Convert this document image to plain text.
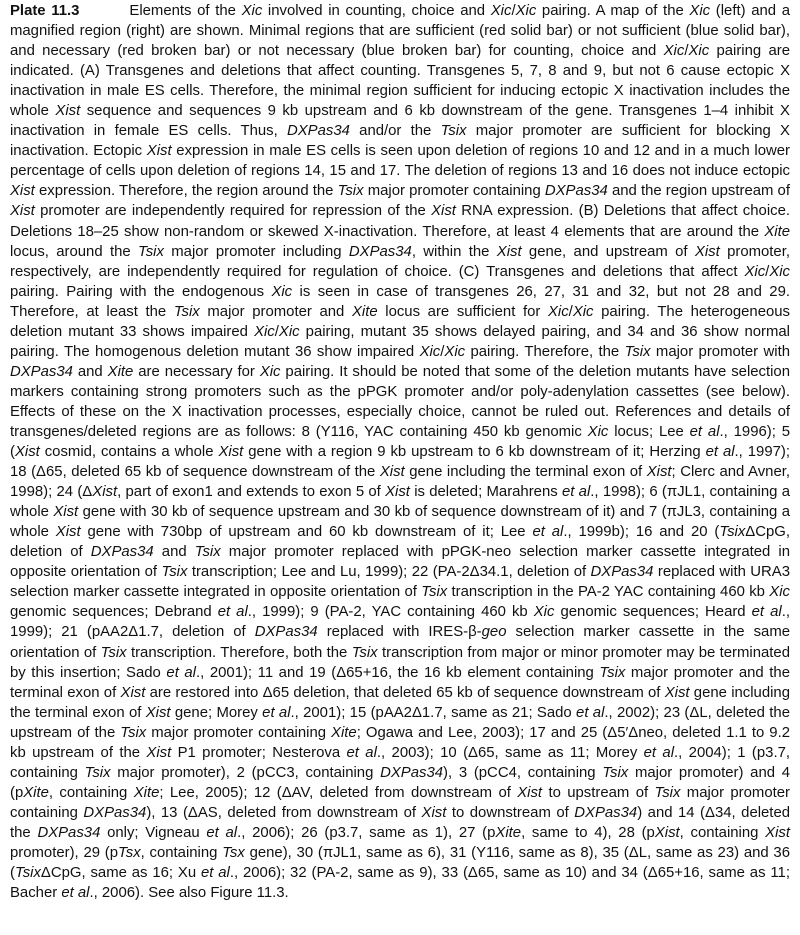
Plate 11.3	Elements of the Xic involved in counting, choice and Xic/Xic pairing. A map of the Xic (left) and a magnified region (right) are shown. Minimal regions that are sufficient (red solid bar) or not sufficient (blue solid bar), and necessary (red broken bar) or not necessary (blue broken bar) for counting, choice and Xic/Xic pairing are indicated. (A) Transgenes and deletions that affect counting. Transgenes 5, 7, 8 and 9, but not 6 cause ectopic X inactivation in male ES cells. Therefore, the minimal region sufficient for inducing ectopic X inactivation includes the whole Xist sequence and sequences 9 kb upstream and 6 kb downstream of the gene. Transgenes 1–4 inhibit X inactivation in female ES cells. Thus, DXPas34 and/or the Tsix major promoter are sufficient for blocking X inactivation. Ectopic Xist expression in male ES cells is seen upon deletion of regions 10 and 12 and in a much lower percentage of cells upon deletion of regions 14, 15 and 17. The deletion of regions 13 and 16 does not induce ectopic Xist expression. Therefore, the region around the Tsix major promoter containing DXPas34 and the region upstream of Xist promoter are independently required for repression of the Xist RNA expression. (B) Deletions that affect choice. Deletions 18–25 show non-random or skewed X-inactivation. Therefore, at least 4 elements that are around the Xite locus, around the Tsix major promoter including DXPas34, within the Xist gene, and upstream of Xist promoter, respectively, are independently required for regulation of choice. (C) Transgenes and deletions that affect Xic/Xic pairing. Pairing with the endogenous Xic is seen in case of transgenes 26, 27, 31 and 32, but not 28 and 29. Therefore, at least the Tsix major promoter and Xite locus are sufficient for Xic/Xic pairing. The heterogeneous deletion mutant 33 shows impaired Xic/Xic pairing, mutant 35 shows delayed pairing, and 34 and 36 show normal pairing. The homogenous deletion mutant 36 show impaired Xic/Xic pairing. Therefore, the Tsix major promoter with DXPas34 and Xite are necessary for Xic pairing. It should be noted that some of the deletion mutants have selection markers containing strong promoters such as the pPGK promoter and/or poly-adenylation cassettes (see below). Effects of these on the X inactivation processes, especially choice, cannot be ruled out. References and details of transgenes/deleted regions are as follows: 8 (Y116, YAC containing 450 kb genomic Xic locus; Lee et al., 1996); 5 (Xist cosmid, contains a whole Xist gene with a region 9 kb upstream to 6 kb downstream of it; Herzing et al., 1997); 18 (Δ65, deleted 65 kb of sequence downstream of the Xist gene including the terminal exon of Xist; Clerc and Avner, 1998); 24 (ΔXist, part of exon1 and extends to exon 5 of Xist is deleted; Marahrens et al., 1998); 6 (πJL1, containing a whole Xist gene with 30 kb of sequence upstream and 30 kb of sequence downstream of it) and 7 (πJL3, containing a whole Xist gene with 730bp of upstream and 60 kb downstream of it; Lee et al., 1999b); 16 and 20 (TsixΔCpG, deletion of DXPas34 and Tsix major promoter replaced with pPGK-neo selection marker cassette integrated in opposite orientation of Tsix transcription; Lee and Lu, 1999); 22 (PA-2Δ34.1, deletion of DXPas34 replaced with URA3 selection marker cassette integrated in opposite orientation of Tsix transcription in the PA-2 YAC containing 460 kb Xic genomic sequences; Debrand et al., 1999); 9 (PA-2, YAC containing 460 kb Xic genomic sequences; Heard et al., 1999); 21 (pAA2Δ1.7, deletion of DXPas34 replaced with IRES-β-geo selection marker cassette in the same orientation of Tsix transcription. Therefore, both the Tsix transcription from major or minor promoter may be terminated by this insertion; Sado et al., 2001); 11 and 19 (Δ65+16, the 16 kb element containing Tsix major promoter and the terminal exon of Xist are restored into Δ65 deletion, that deleted 65 kb of sequence downstream of Xist gene including the terminal exon of Xist gene; Morey et al., 2001); 15 (pAA2Δ1.7, same as 21; Sado et al., 2002); 23 (ΔL, deleted the upstream of the Tsix major promoter containing Xite; Ogawa and Lee, 2003); 17 and 25 (Δ5′Δneo, deleted 1.1 to 9.2 kb upstream of the Xist P1 promoter; Nesterova et al., 2003); 10 (Δ65, same as 11; Morey et al., 2004); 1 (p3.7, containing Tsix major promoter), 2 (pCC3, containing DXPas34), 3 (pCC4, containing Tsix major promoter) and 4 (pXite, containing Xite; Lee, 2005); 12 (ΔAV, deleted from downstream of Xist to upstream of Tsix major promoter containing DXPas34), 13 (ΔAS, deleted from downstream of Xist to downstream of DXPas34) and 14 (Δ34, deleted the DXPas34 only; Vigneau et al., 2006); 26 (p3.7, same as 1), 27 (pXite, same to 4), 28 (pXist, containing Xist promoter), 29 (pTsx, containing Tsx gene), 30 (πJL1, same as 6), 31 (Y116, same as 8), 35 (ΔL, same as 23) and 36 (TsixΔCpG, same as 16; Xu et al., 2006); 32 (PA-2, same as 9), 33 (Δ65, same as 10) and 34 (Δ65+16, same as 11; Bacher et al., 2006). See also Figure 11.3.
